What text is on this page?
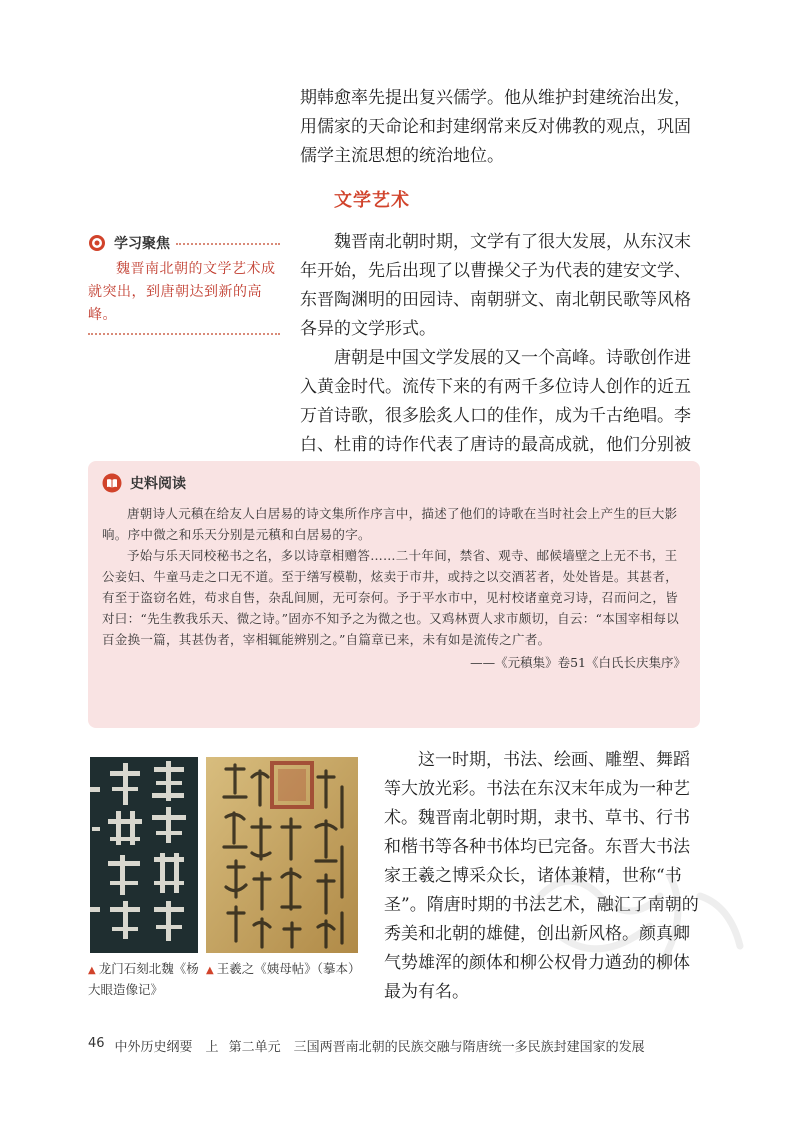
期韩愈率先提出复兴儒学。他从维护封建统治出发，用儒家的天命论和封建纲常来反对佛教的观点，巩固儒学主流思想的统治地位。

文学艺术
学习聚焦

魏晋南北朝的文学艺术成就突出，到唐朝达到新的高峰。

魏晋南北朝时期，文学有了很大发展，从东汉末年开始，先后出现了以曹操父子为代表的建安文学、东晋陶渊明的田园诗、南朝骈文、南北朝民歌等风格各异的文学形式。

唐朝是中国文学发展的又一个高峰。诗歌创作进入黄金时代。流传下来的有两千多位诗人创作的近五万首诗歌，很多脍炙人口的佳作，成为千古绝唱。李白、杜甫的诗作代表了唐诗的最高成就，他们分别被

史料阅读

唐朝诗人元稹在给友人白居易的诗文集所作序言中，描述了他们的诗歌在当时社会上产生的巨大影响。序中微之和乐天分别是元稹和白居易的字。

予始与乐天同校秘书之名，多以诗章相赠答……二十年间，禁省、观寺、邮候墙壁之上无不书，王公妾妇、牛童马走之口无不道。至于缮写模勒，炫卖于市井，或持之以交酒茗者，处处皆是。其甚者，有至于盗窃名姓，苟求自售，杂乱间厕，无可奈何。予于平水市中，见村校诸童竞习诗，召而问之，皆对曰：“先生教我乐天、微之诗。”固亦不知予之为微之也。又鸡林贾人求市颇切，自云：“本国宰相每以百金换一篇，其甚伪者，宰相辄能辨别之。”自篇章已来，未有如是流传之广者。

——《元稹集》卷51《白氏长庆集序》
▲ 龙门石刻北魏《杨大眼造像记》
▲ 王羲之《姨母帖》（摹本）

这一时期，书法、绘画、雕塑、舞蹈等大放光彩。书法在东汉末年成为一种艺术。魏晋南北朝时期，隶书、草书、行书和楷书等各种书体均已完备。东晋大书法家王羲之博采众长，诸体兼精，世称“书圣”。隋唐时期的书法艺术，融汇了南朝的秀美和北朝的雄健，创出新风格。颜真卿气势雄浑的颜体和柳公权骨力遒劲的柳体最为有名。

46 中外历史纲要　上 第二单元　三国两晋南北朝的民族交融与隋唐统一多民族封建国家的发展
